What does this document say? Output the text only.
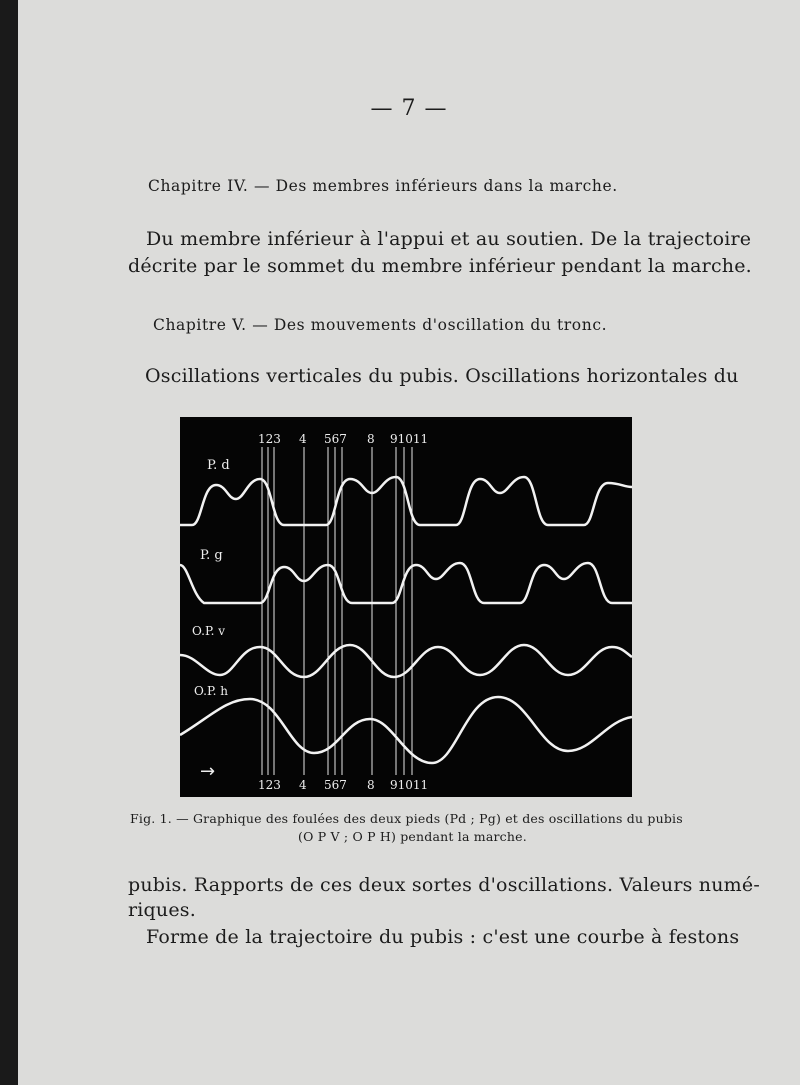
— 7 —
Chapitre IV. — Des membres inférieurs dans la marche.
Du membre inférieur à l'appui et au soutien. De la trajectoire
décrite par le sommet du membre inférieur pendant la marche.
Chapitre V. — Des mouvements d'oscillation du tronc.
Oscillations verticales du pubis. Oscillations horizontales du
P. d
P. g
O.P. v
O.P. h
→
123 4 567 8 91011
123 4 567 8 91011
Fig. 1. — Graphique des foulées des deux pieds (Pd ; Pg) et des oscillations du pubis
(O P V ; O P H) pendant la marche.
pubis. Rapports de ces deux sortes d'oscillations. Valeurs numé-
riques.
Forme de la trajectoire du pubis : c'est une courbe à festons
